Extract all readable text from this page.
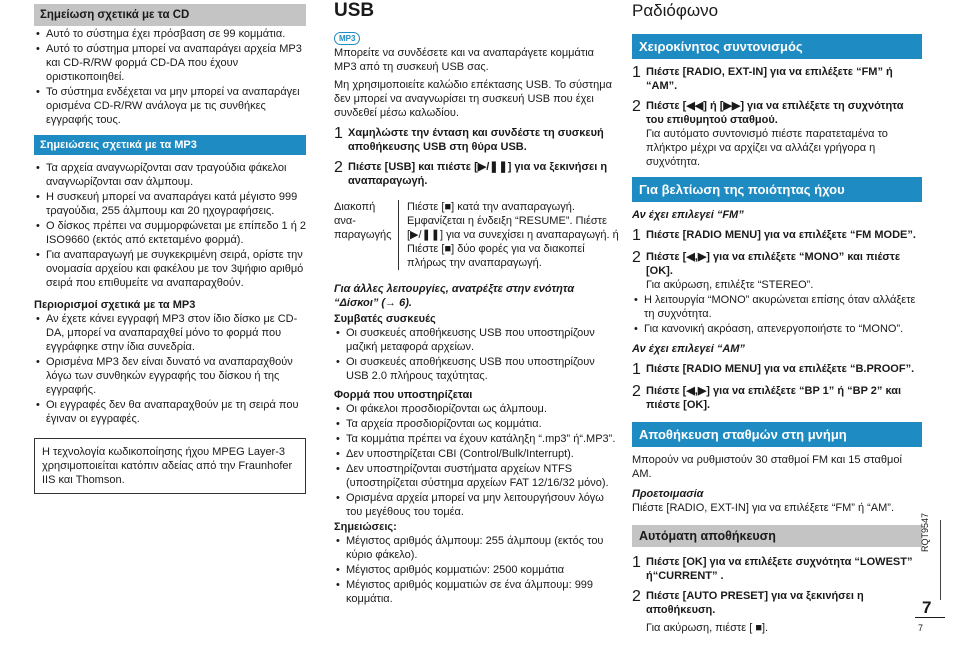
Σημείωση σχετικά με τα CD
• Αυτό το σύστημα έχει πρόσβαση σε 99 κομμάτια.
• Αυτό το σύστημα μπορεί να αναπαράγει αρχεία MP3 και CD-R/RW φορμά CD-DA που έχουν οριστικοποιηθεί.
• Το σύστημα ενδέχεται να μην μπορεί να αναπαράγει ορισμένα CD-R/RW ανάλογα με τις συνθήκες εγγραφής τους.
Σημειώσεις σχετικά με τα MP3
• Τα αρχεία αναγνωρίζονται σαν τραγούδια φάκελοι αναγνωρίζονται σαν άλμπουμ.
• Η συσκευή μπορεί να αναπαράγει κατά μέγιστο 999 τραγούδια, 255 άλμπουμ και 20 ηχογραφήσεις.
• Ο δίσκος πρέπει να συμμορφώνεται με επίπεδο 1 ή 2 ISO9660 (εκτός από εκτεταμένο φορμά).
• Για αναπαραγωγή με συγκεκριμένη σειρά, ορίστε την ονομασία αρχείου και φακέλου με τον 3ψήφιο αριθμό σειρά που επιθυμείτε να αναπαραχθούν.
Περιορισμοί σχετικά με τα MP3
• Αν έχετε κάνει εγγραφή MP3 στον ίδιο δίσκο με CD-DA, μπορεί να αναπαραχθεί μόνο το φορμά που εγγράφηκε στην ίδια συνεδρία.
• Ορισμένα MP3 δεν είναι δυνατό να αναπαραχθούν λόγω των συνθηκών εγγραφής του δίσκου ή της εγγραφής.
• Οι εγγραφές δεν θα αναπαραχθούν με τη σειρά που έγιναν οι εγγραφές.
Η τεχνολογία κωδικοποίησης ήχου MPEG Layer-3 χρησιμοποιείται κατόπιν αδείας από την Fraunhofer IIS και Thomson.
USB
MP3
Μπορείτε να συνδέσετε και να αναπαράγετε κομμάτια MP3 από τη συσκευή USB σας.
Μη χρησιμοποιείτε καλώδιο επέκτασης USB. Το σύστημα δεν μπορεί να αναγνωρίσει τη συσκευή USB που έχει συνδεθεί μέσω καλωδίου.
1 Χαμηλώστε την ένταση και συνδέστε τη συσκευή αποθήκευσης USB στη θύρα USB.
2 Πιέστε [USB] και πιέστε [▶/❚❚] για να ξεκινήσει η αναπαραγωγή.
Διακοπή ανα-παραγωγής
Πιέστε [■] κατά την αναπαραγωγή. Εμφανίζεται η ένδειξη “RESUME”. Πιέστε [▶/❚❚] για να συνεχίσει η αναπαραγωγή. ή Πιέστε [■] δύο φορές για να διακοπεί πλήρως την αναπαραγωγή.
Για άλλες λειτουργίες, ανατρέξτε στην ενότητα “Δίσκοι” (→ 6).
Συμβατές συσκευές
• Οι συσκευές αποθήκευσης USB που υποστηρίζουν μαζική μεταφορά αρχείων.
• Οι συσκευές αποθήκευσης USB που υποστηρίζουν USB 2.0 πλήρους ταχύτητας.
Φορμά που υποστηρίζεται
• Οι φάκελοι προσδιορίζονται ως άλμπουμ.
• Τα αρχεία προσδιορίζονται ως κομμάτια.
• Τα κομμάτια πρέπει να έχουν κατάληξη “.mp3” ή“.MP3”.
• Δεν υποστηρίζεται CBI (Control/Bulk/Interrupt).
• Δεν υποστηρίζονται συστήματα αρχείων NTFS (υποστηρίζεται σύστημα αρχείων FAT 12/16/32 μόνο).
• Ορισμένα αρχεία μπορεί να μην λειτουργήσουν λόγω του μεγέθους του τομέα.
Σημειώσεις:
• Μέγιστος αριθμός άλμπουμ: 255 άλμπουμ (εκτός του κύριο φάκελο).
• Μέγιστος αριθμός κομματιών: 2500 κομμάτια
• Μέγιστος αριθμός κομματιών σε ένα άλμπουμ: 999 κομμάτια.
Ραδιόφωνο
Χειροκίνητος συντονισμός
1 Πιέστε [RADIO, EXT-IN] για να επιλέξετε “FM” ή “AM”.
2 Πιέστε [◀◀] ή [▶▶] για να επιλέξετε τη συχνότητα του επιθυμητού σταθμού.
Για αυτόματο συντονισμό πιέστε παρατεταμένα το πλήκτρο μέχρι να αρχίζει να αλλάζει γρήγορα η συχνότητα.
Για βελτίωση της ποιότητας ήχου
Αν έχει επιλεγεί “FM”
1 Πιέστε [RADIO MENU] για να επιλέξετε “FM MODE”.
2 Πιέστε [◀,▶] για να επιλέξετε “MONO” και πιέστε [OK].
Για ακύρωση, επιλέξτε “STEREO”.
• Η λειτουργία “MONO” ακυρώνεται επίσης όταν αλλάξετε τη συχνότητα.
• Για κανονική ακρόαση, απενεργοποιήστε το “MONO”.
Αν έχει επιλεγεί “AM”
1 Πιέστε [RADIO MENU] για να επιλέξετε “B.PROOF”.
2 Πιέστε [◀,▶] για να επιλέξετε “BP 1” ή “BP 2” και πιέστε [OK].
Αποθήκευση σταθμών στη μνήμη
Μπορούν να ρυθμιστούν 30 σταθμοί FM και 15 σταθμοί AM.
Προετοιμασία
Πιέστε [RADIO, EXT-IN] για να επιλέξετε “FM” ή “AM”.
Αυτόματη αποθήκευση
1 Πιέστε [OK] για να επιλέξετε συχνότητα “LOWEST” ή“CURRENT” .
2 Πιέστε [AUTO PRESET] για να ξεκινήσει η αποθήκευση.
Για ακύρωση, πιέστε [ ■].
RQT9547
7
7
